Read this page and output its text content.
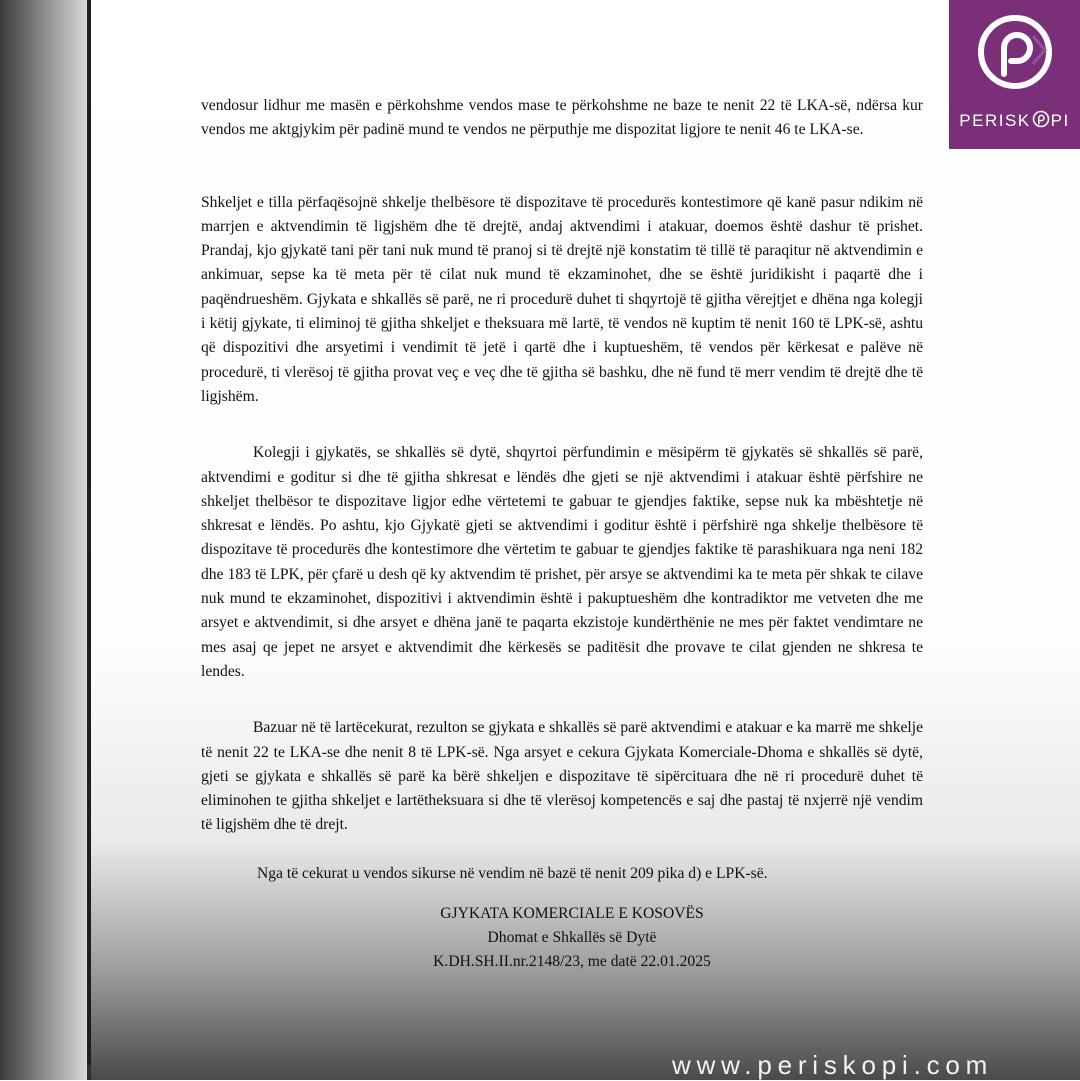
vendosur lidhur me masën e përkohshme vendos mase te përkohshme ne baze te nenit 22 të LKA-së, ndërsa kur vendos me aktgjykim për padinë mund te vendos ne përputhje me dispozitat ligjore te nenit 46 te LKA-se.

Shkeljet e tilla përfaqësojnë shkelje thelbësore të dispozitave të procedurës kontestimore që kanë pasur ndikim në marrjen e aktvendimin të ligjshëm dhe të drejtë, andaj aktvendimi i atakuar, doemos është dashur të prishet. Prandaj, kjo gjykatë tani për tani nuk mund të pranoj si të drejtë një konstatim të tillë të paraqitur në aktvendimin e ankimuar, sepse ka të meta për të cilat nuk mund të ekzaminohet, dhe se është juridikisht i paqartë dhe i paqëndrueshëm. Gjykata e shkallës së parë, ne ri procedurë duhet ti shqyrtojë të gjitha vërejtjet e dhëna nga kolegji i këtij gjykate, ti eliminoj të gjitha shkeljet e theksuara më lartë, të vendos në kuptim të nenit 160 të LPK-së, ashtu që dispozitivi dhe arsyetimi i vendimit të jetë i qartë dhe i kuptueshëm, të vendos për kërkesat e palëve në procedurë, ti vlerësoj të gjitha provat veç e veç dhe të gjitha së bashku, dhe në fund të merr vendim të drejtë dhe të ligjshëm.

Kolegji i gjykatës, se shkallës së dytë, shqyrtoi përfundimin e mësipërm të gjykatës së shkallës së parë, aktvendimi e goditur si dhe të gjitha shkresat e lëndës dhe gjeti se një aktvendimi i atakuar është përfshire ne shkeljet thelbësor te dispozitave ligjor edhe vërtetemi te gabuar te gjendjes faktike, sepse nuk ka mbështetje në shkresat e lëndës. Po ashtu, kjo Gjykatë gjeti se aktvendimi i goditur është i përfshirë nga shkelje thelbësore të dispozitave të procedurës dhe kontestimore dhe vërtetim te gabuar te gjendjes faktike të parashikuara nga neni 182 dhe 183 të LPK, për çfarë u desh që ky aktvendim të prishet, për arsye se aktvendimi ka te meta për shkak te cilave nuk mund te ekzaminohet, dispozitivi i aktvendimin është i pakuptueshëm dhe kontradiktor me vetveten dhe me arsyet e aktvendimit, si dhe arsyet e dhëna janë te paqarta ekzistoje kundërthënie ne mes për faktet vendimtare ne mes asaj qe jepet ne arsyet e aktvendimit dhe kërkesës se paditësit dhe provave te cilat gjenden ne shkresa te lendes.

Bazuar në të lartëcekurat, rezulton se gjykata e shkallës së parë aktvendimi e atakuar e ka marrë me shkelje të nenit 22 te LKA-se dhe nenit 8 të LPK-së. Nga arsyet e cekura Gjykata Komerciale-Dhoma e shkallës së dytë, gjeti se gjykata e shkallës së parë ka bërë shkeljen e dispozitave të sipërcituara dhe në ri procedurë duhet të eliminohen te gjitha shkeljet e lartëtheksuara si dhe të vlerësoj kompetencës e saj dhe pastaj të nxjerrë një vendim të ligjshëm dhe të drejt.

Nga të cekurat u vendos sikurse në vendim në bazë të nenit 209 pika d) e LPK-së.

GJYKATA KOMERCIALE E KOSOVËS
Dhomat e Shkallës së Dytë
K.DH.SH.II.nr.2148/23, me datë 22.01.2025
PERISK PI
www.periskopi.com
